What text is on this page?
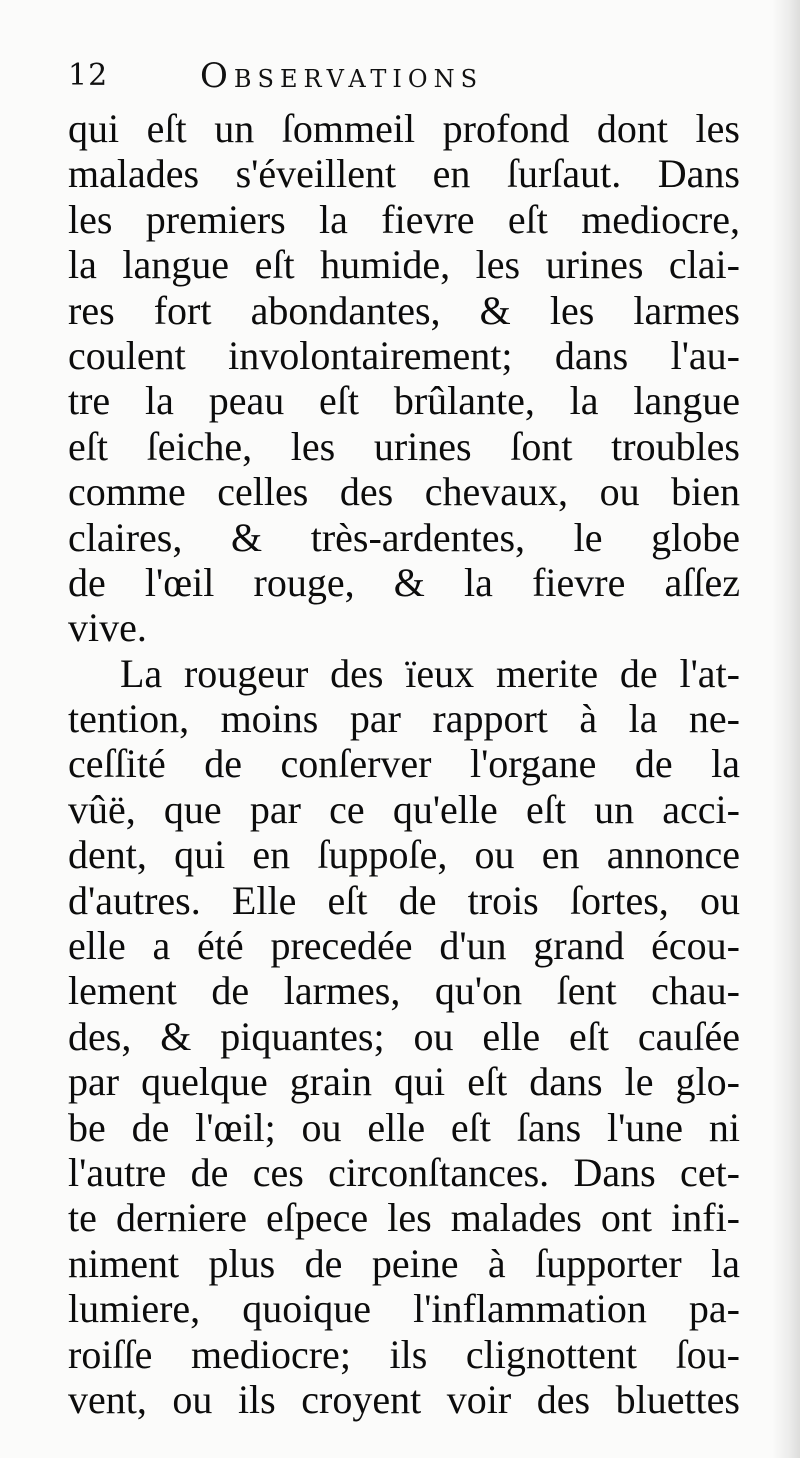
12	Observations
qui eſt un ſommeil profond dont les
malades s'éveillent en ſurſaut. Dans
les premiers la fievre eſt mediocre,
la langue eſt humide, les urines clai-
res fort abondantes, & les larmes
coulent involontairement; dans l'au-
tre la peau eſt brûlante, la langue
eſt ſeiche, les urines ſont troubles
comme celles des chevaux, ou bien
claires, & très-ardentes, le globe
de l'œil rouge, & la fievre aſſez
vive.
La rougeur des ïeux merite de l'at-
tention, moins par rapport à la ne-
ceſſité de conſerver l'organe de la
vûë, que par ce qu'elle eſt un acci-
dent, qui en ſuppoſe, ou en annonce
d'autres. Elle eſt de trois ſortes, ou
elle a été precedée d'un grand écou-
lement de larmes, qu'on ſent chau-
des, & piquantes; ou elle eſt cauſée
par quelque grain qui eſt dans le glo-
be de l'œil; ou elle eſt ſans l'une ni
l'autre de ces circonſtances. Dans cet-
te derniere eſpece les malades ont infi-
niment plus de peine à ſupporter la
lumiere, quoique l'inflammation pa-
roiſſe mediocre; ils clignottent ſou-
vent, ou ils croyent voir des bluettes
